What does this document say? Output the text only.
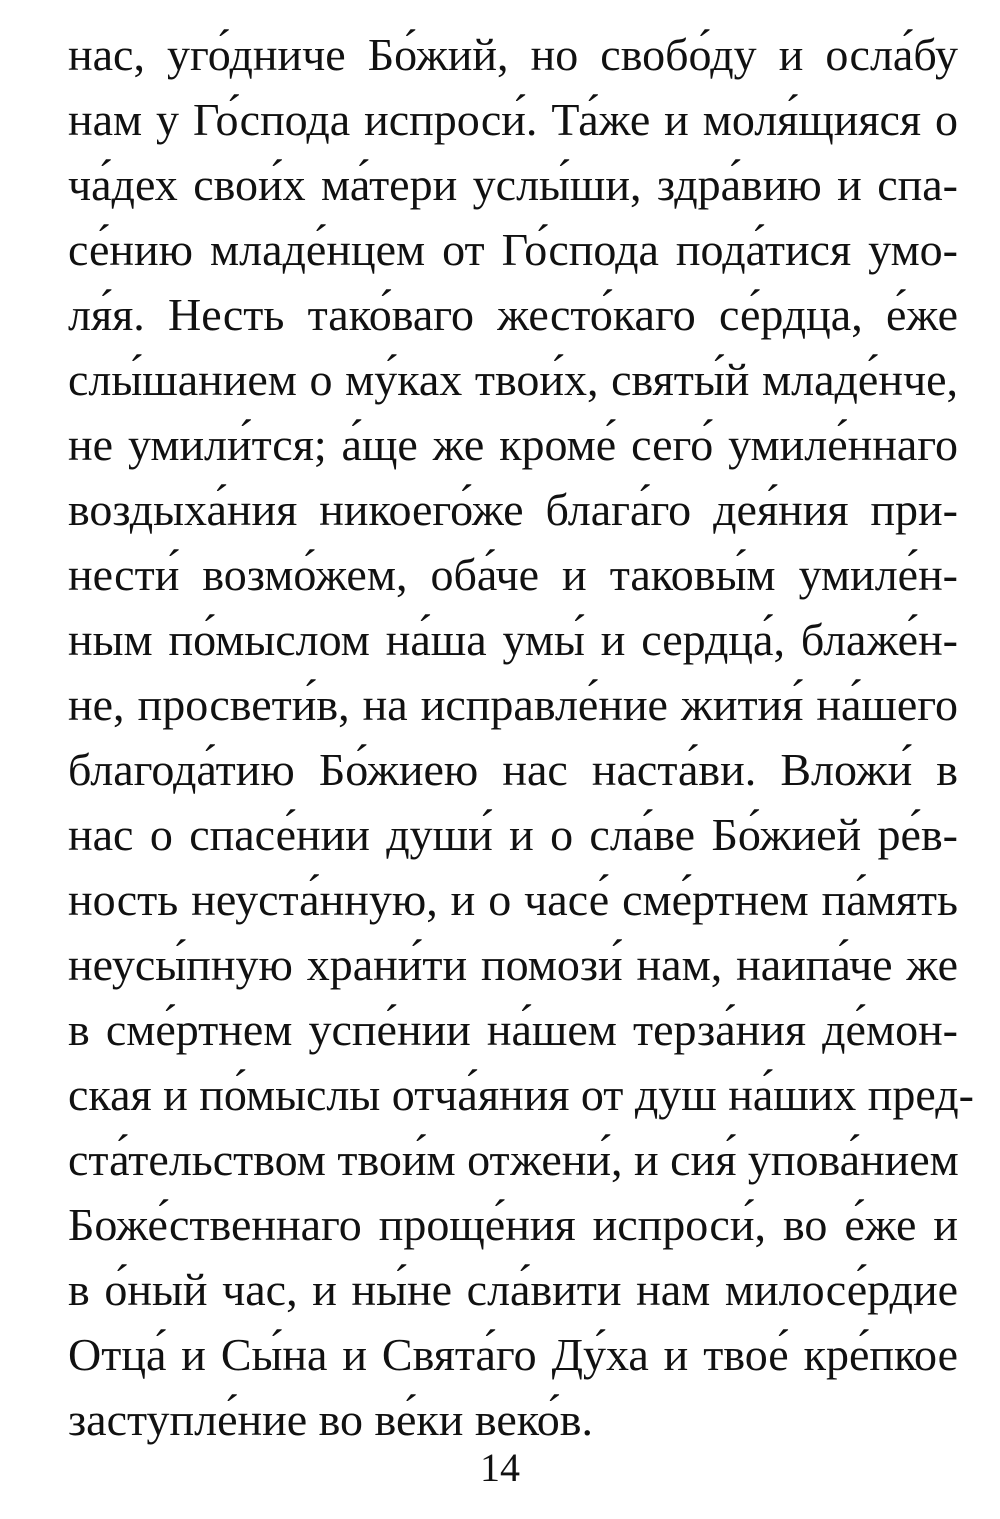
нас, уго́дниче Бо́жий, но свобо́ду и осла́бу
нам у Го́спода испроси́. Та́же и моля́щияся о
ча́дех свои́х ма́тери услы́ши, здра́вию и спа-
се́нию младе́нцем от Го́спода пода́тися умо-
ля́я. Несть тако́ваго жесто́каго се́рдца, е́же
слы́шанием о му́ках твои́х, святы́й младе́нче,
не умили́тся; а́ще же кроме́ сего́ умиле́ннаго
воздыха́ния никоего́же блага́го дея́ния при-
нести́ возмо́жем, оба́че и таковы́м умиле́н-
ным по́мыслом на́ша умы́ и сердца́, блаже́н-
не, просвети́в, на исправле́ние жития́ на́шего
благода́тию Бо́жиею нас наста́ви. Вложи́ в
нас о спасе́нии души́ и о сла́ве Бо́жией ре́в-
ность неуста́нную, и о часе́ сме́ртнем па́мять
неусы́пную храни́ти помози́ нам, наипа́че же
в сме́ртнем успе́нии на́шем терза́ния де́мон-
ская и по́мыслы отча́яния от душ на́ших пред-
ста́тельством твои́м отжени́, и сия́ упова́нием
Боже́ственнаго проще́ния испроси́, во е́же и
в о́ный час, и ны́не сла́вити нам милосе́рдие
Отца́ и Сы́на и Свята́го Ду́ха и твое́ кре́пкое
заступле́ние во ве́ки веко́в.
14
